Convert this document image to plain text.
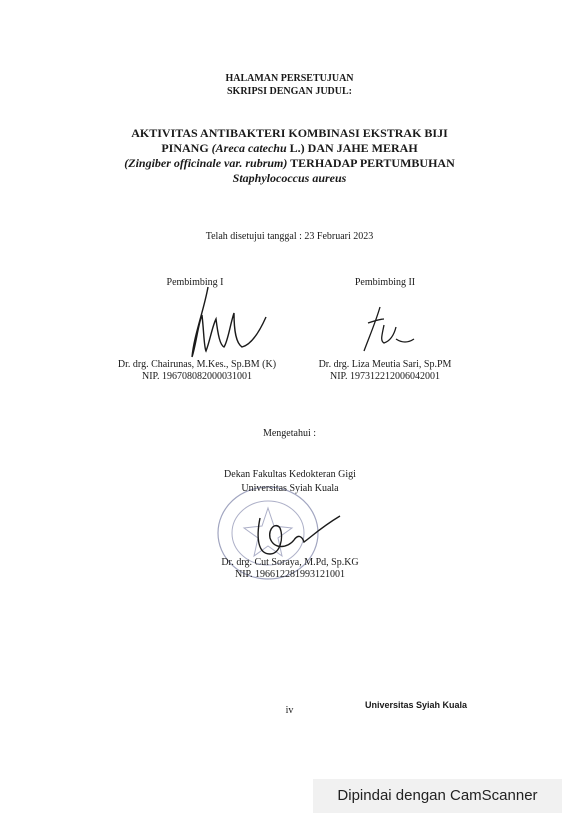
HALAMAN PERSETUJUAN
SKRIPSI DENGAN JUDUL:
AKTIVITAS ANTIBAKTERI KOMBINASI EKSTRAK BIJI
PINANG (Areca catechu L.) DAN JAHE MERAH
(Zingiber officinale var. rubrum) TERHADAP PERTUMBUHAN
Staphylococcus aureus
Telah disetujui tanggal : 23 Februari 2023
Pembimbing I
Dr. drg. Chairunas, M.Kes., Sp.BM (K)
NIP. 196708082000031001
Pembimbing II
Dr. drg. Liza Meutia Sari, Sp.PM
NIP. 197312212006042001
Mengetahui :
Dekan Fakultas Kedokteran Gigi
Universitas Syiah Kuala
Dr. drg. Cut Soraya, M.Pd, Sp.KG
NIP. 196612281993121001
iv	Universitas Syiah Kuala
Dipindai dengan CamScanner
